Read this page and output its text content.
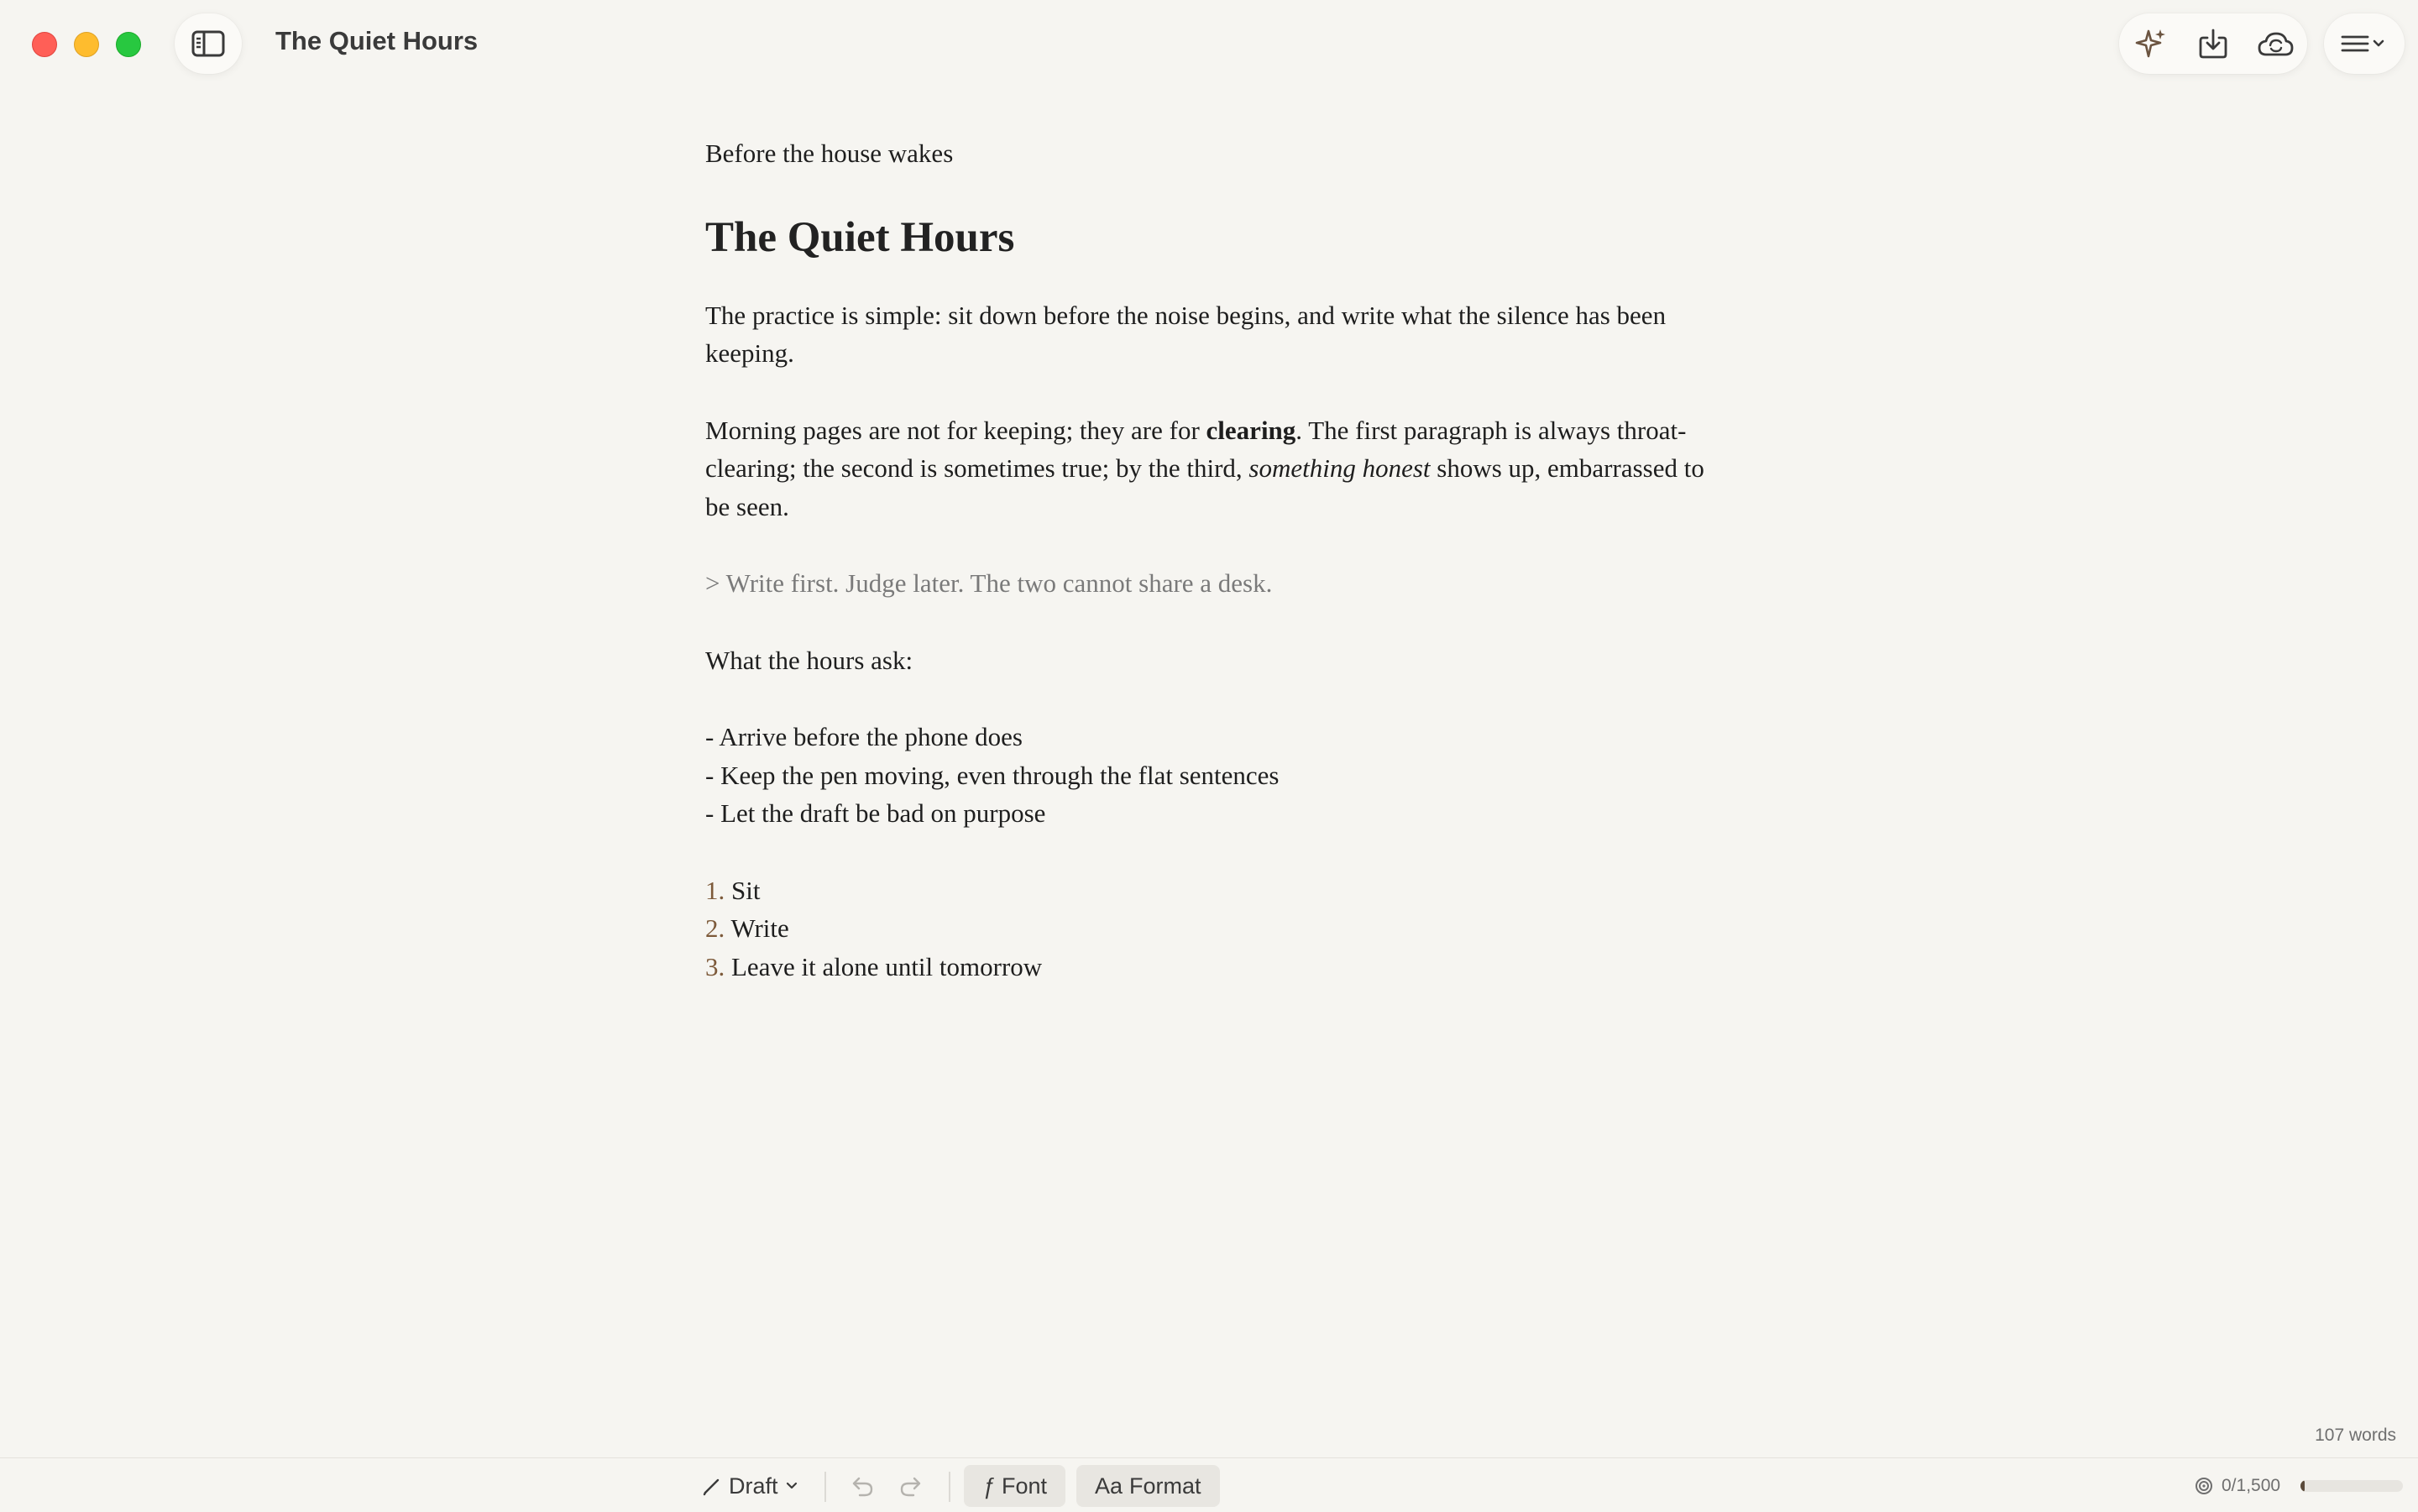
The Quiet Hours

Before the house wakes

The Quiet Hours

The practice is simple: sit down before the noise begins, and write what the silence has been keeping.

Morning pages are not for keeping; they are for clearing. The first paragraph is always throat-clearing; the second is sometimes true; by the third, something honest shows up, embarrassed to be seen.

> Write first. Judge later. The two cannot share a desk.

What the hours ask:

- Arrive before the phone does

- Keep the pen moving, even through the flat sentences

- Let the draft be bad on purpose

1. Sit

2. Write

3. Leave it alone until tomorrow

107 words
Draft	ƒ Font Aa Format	0/1,500
